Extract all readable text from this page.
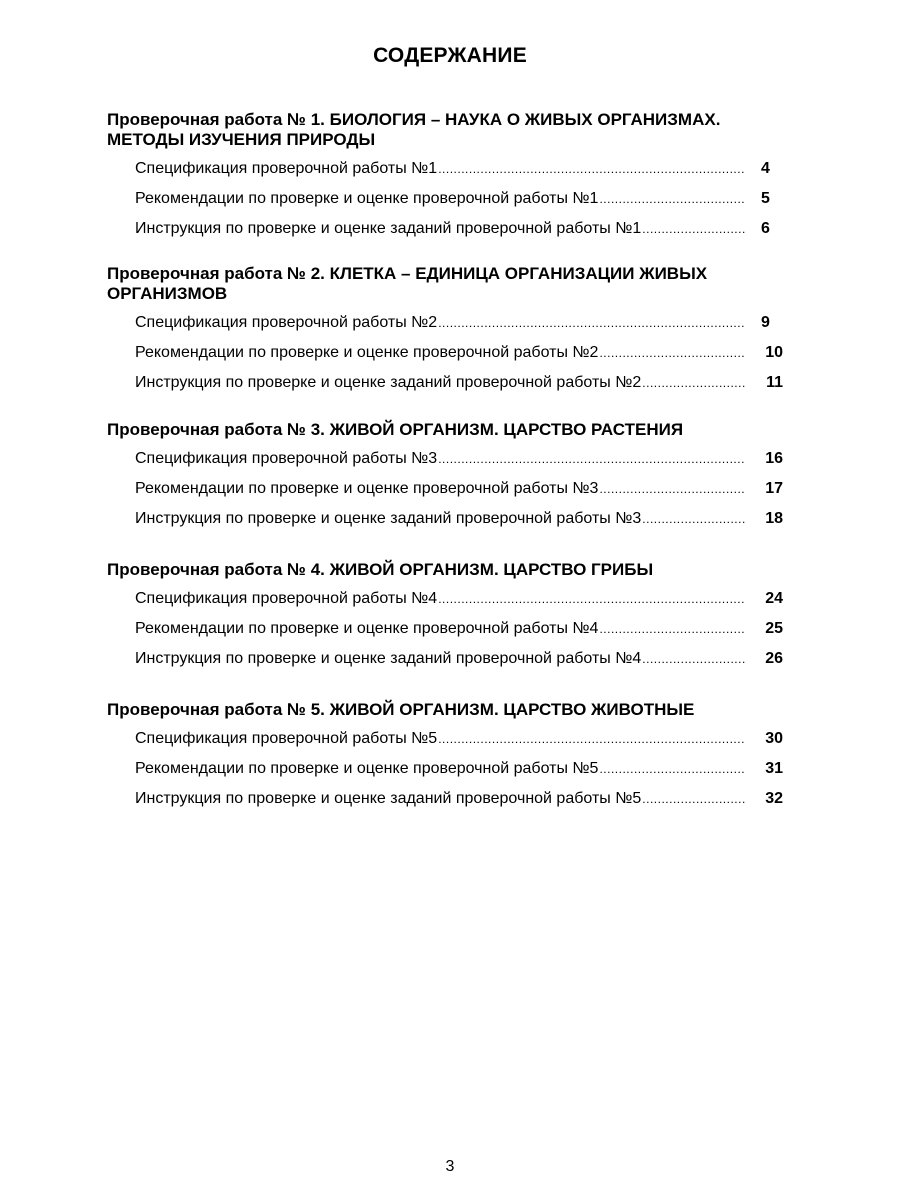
СОДЕРЖАНИЕ
Проверочная работа № 1. БИОЛОГИЯ – НАУКА О ЖИВЫХ ОРГАНИЗМАХ. МЕТОДЫ ИЗУЧЕНИЯ ПРИРОДЫ
Спецификация проверочной работы №1 .....	4
Рекомендации по проверке и оценке проверочной работы №1 .....	5
Инструкция по проверке и оценке заданий проверочной работы №1 .....	6
Проверочная работа № 2. КЛЕТКА – ЕДИНИЦА ОРГАНИЗАЦИИ ЖИВЫХ ОРГАНИЗМОВ
Спецификация проверочной работы №2 .....	9
Рекомендации по проверке и оценке проверочной работы №2 .....	10
Инструкция по проверке и оценке заданий проверочной работы №2 .....	11
Проверочная работа № 3. ЖИВОЙ ОРГАНИЗМ. ЦАРСТВО РАСТЕНИЯ
Спецификация проверочной работы №3 .....	16
Рекомендации по проверке и оценке проверочной работы №3 .....	17
Инструкция по проверке и оценке заданий проверочной работы №3 .....	18
Проверочная работа № 4. ЖИВОЙ ОРГАНИЗМ. ЦАРСТВО ГРИБЫ
Спецификация проверочной работы №4 .....	24
Рекомендации по проверке и оценке проверочной работы №4 .....	25
Инструкция по проверке и оценке заданий проверочной работы №4 .....	26
Проверочная работа № 5. ЖИВОЙ ОРГАНИЗМ. ЦАРСТВО ЖИВОТНЫЕ
Спецификация проверочной работы №5 .....	30
Рекомендации по проверке и оценке проверочной работы №5 .....	31
Инструкция по проверке и оценке заданий проверочной работы №5 .....	32
3
